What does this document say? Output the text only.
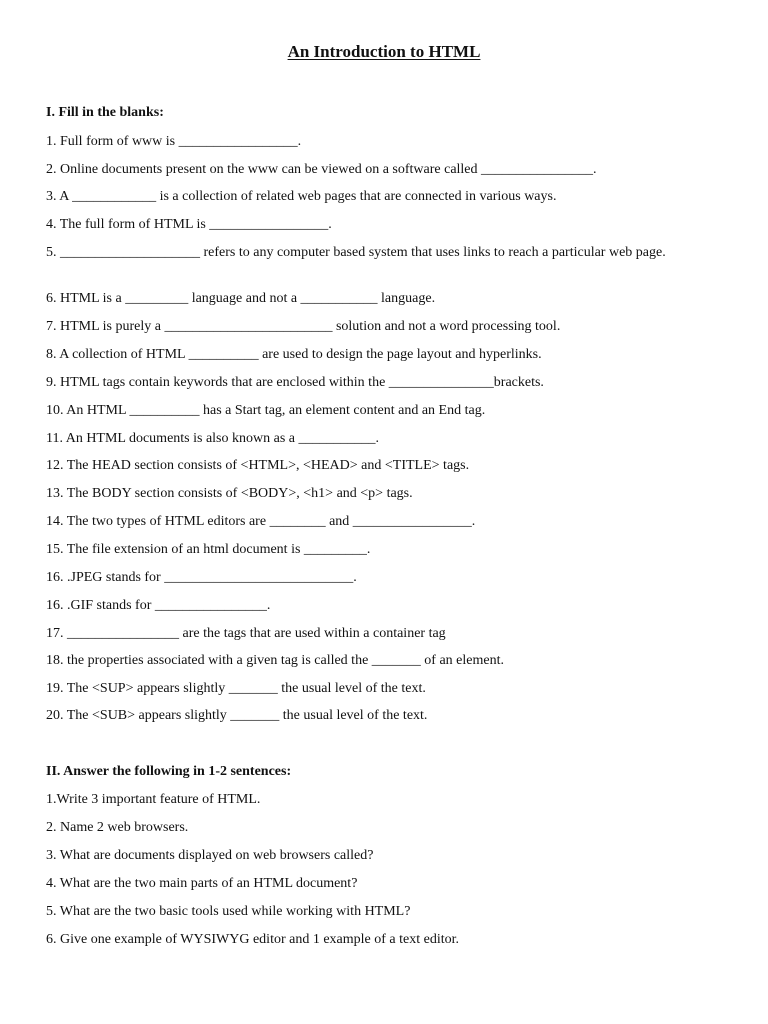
An Introduction to HTML
I. Fill in the blanks:
1. Full form of www is _________________.
2. Online documents present on the www can be viewed on a software called ________________.
3. A ____________ is a collection of related web pages that are connected in various ways.
4. The full form of HTML is _________________.
5. ____________________ refers to any computer based system that uses links to reach a particular web page.
6. HTML is a _________ language and not a ___________ language.
7. HTML is purely a ________________________ solution and not a word processing tool.
8. A collection of HTML __________ are used to design the page layout and hyperlinks.
9. HTML tags contain keywords that are enclosed within the _______________brackets.
10. An HTML __________ has a Start tag, an element content and an End tag.
11. An HTML documents is also known as a ___________.
12. The HEAD section consists of <HTML>, <HEAD> and <TITLE> tags.
13. The BODY section consists of <BODY>, <h1> and <p> tags.
14. The two types of HTML editors are ________ and _________________.
15. The file extension of an html document is _________.
16. .JPEG stands for ___________________________.
16. .GIF stands for ________________.
17. ________________ are the tags that are used within a container tag
18. the properties associated with a given tag is called the _______ of an element.
19. The <SUP> appears slightly _______ the usual level of the text.
20. The <SUB> appears slightly _______ the usual level of the text.
II. Answer the following in 1-2 sentences:
1.Write 3 important feature of HTML.
2. Name 2 web browsers.
3. What are documents displayed on web browsers called?
4. What are the two main parts of an HTML document?
5. What are the two basic tools used while working with HTML?
6. Give one example of WYSIWYG editor and 1 example of a text editor.
